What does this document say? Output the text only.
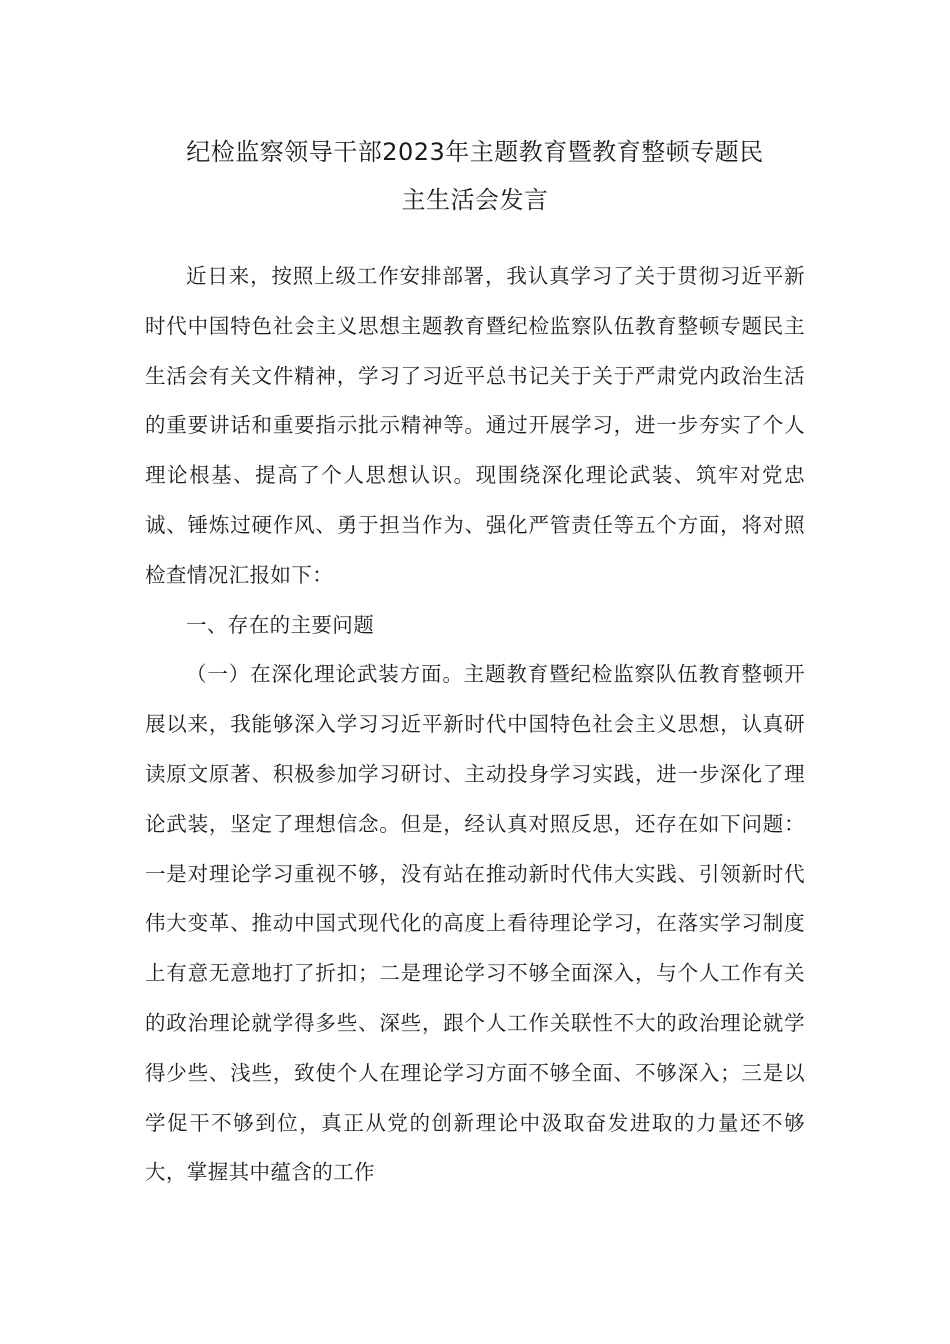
纪检监察领导干部2023年主题教育暨教育整顿专题民
主生活会发言

近日来，按照上级工作安排部署，我认真学习了关于贯彻习近平新时代中国特色社会主义思想主题教育暨纪检监察队伍教育整顿专题民主生活会有关文件精神，学习了习近平总书记关于关于严肃党内政治生活的重要讲话和重要指示批示精神等。通过开展学习，进一步夯实了个人理论根基、提高了个人思想认识。现围绕深化理论武装、筑牢对党忠诚、锤炼过硬作风、勇于担当作为、强化严管责任等五个方面，将对照检查情况汇报如下：

一、存在的主要问题

（一）在深化理论武装方面。主题教育暨纪检监察队伍教育整顿开展以来，我能够深入学习习近平新时代中国特色社会主义思想，认真研读原文原著、积极参加学习研讨、主动投身学习实践，进一步深化了理论武装，坚定了理想信念。但是，经认真对照反思，还存在如下问题：一是对理论学习重视不够，没有站在推动新时代伟大实践、引领新时代伟大变革、推动中国式现代化的高度上看待理论学习，在落实学习制度上有意无意地打了折扣；二是理论学习不够全面深入，与个人工作有关的政治理论就学得多些、深些，跟个人工作关联性不大的政治理论就学得少些、浅些，致使个人在理论学习方面不够全面、不够深入；三是以学促干不够到位，真正从党的创新理论中汲取奋发进取的力量还不够大，掌握其中蕴含的工作
